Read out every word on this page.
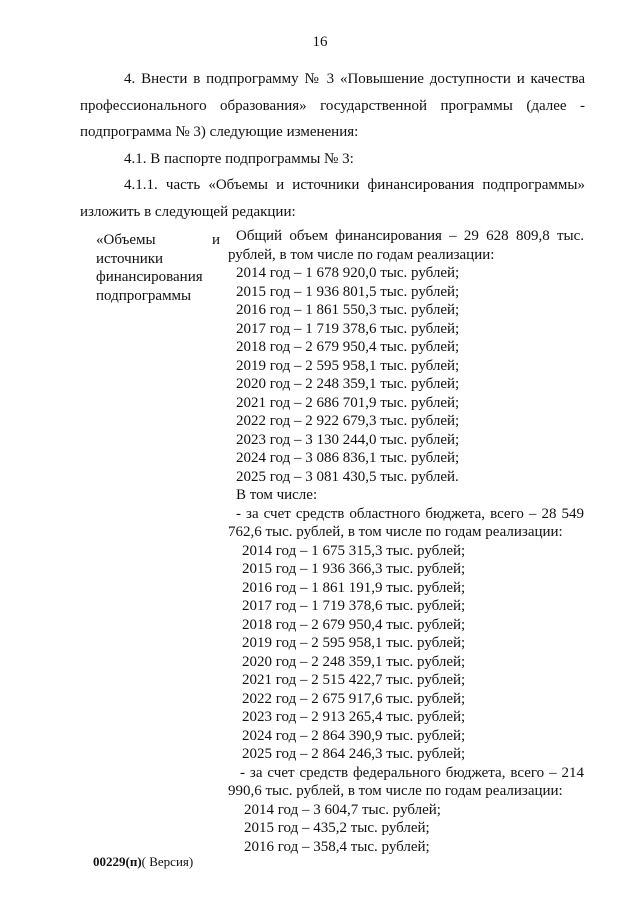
16
4. Внести в подпрограмму № 3 «Повышение доступности и качества профессионального образования» государственной программы (далее - подпрограмма № 3) следующие изменения:
4.1. В паспорте подпрограммы № 3:
4.1.1. часть «Объемы и источники финансирования подпрограммы» изложить в следующей редакции:
«Объемы и
источники
финансирования
подпрограммы
Общий объем финансирования – 29 628 809,8 тыс. рублей, в том числе по годам реализации:
2014 год – 1 678 920,0 тыс. рублей;
2015 год – 1 936 801,5 тыс. рублей;
2016 год – 1 861 550,3 тыс. рублей;
2017 год – 1 719 378,6 тыс. рублей;
2018 год – 2 679 950,4 тыс. рублей;
2019 год – 2 595 958,1 тыс. рублей;
2020 год – 2 248 359,1 тыс. рублей;
2021 год – 2 686 701,9 тыс. рублей;
2022 год – 2 922 679,3 тыс. рублей;
2023 год – 3 130 244,0 тыс. рублей;
2024 год – 3 086 836,1 тыс. рублей;
2025 год – 3 081 430,5 тыс. рублей.
В том числе:
- за счет средств областного бюджета, всего – 28 549 762,6 тыс. рублей, в том числе по годам реализации:
2014 год – 1 675 315,3 тыс. рублей;
2015 год – 1 936 366,3 тыс. рублей;
2016 год – 1 861 191,9 тыс. рублей;
2017 год – 1 719 378,6 тыс. рублей;
2018 год – 2 679 950,4 тыс. рублей;
2019 год – 2 595 958,1 тыс. рублей;
2020 год – 2 248 359,1 тыс. рублей;
2021 год – 2 515 422,7 тыс. рублей;
2022 год – 2 675 917,6 тыс. рублей;
2023 год – 2 913 265,4 тыс. рублей;
2024 год – 2 864 390,9 тыс. рублей;
2025 год – 2 864 246,3 тыс. рублей;
- за счет средств федерального бюджета, всего – 214 990,6 тыс. рублей, в том числе по годам реализации:
2014 год – 3 604,7 тыс. рублей;
2015 год – 435,2 тыс. рублей;
2016 год – 358,4 тыс. рублей;
00229(п)( Версия)
